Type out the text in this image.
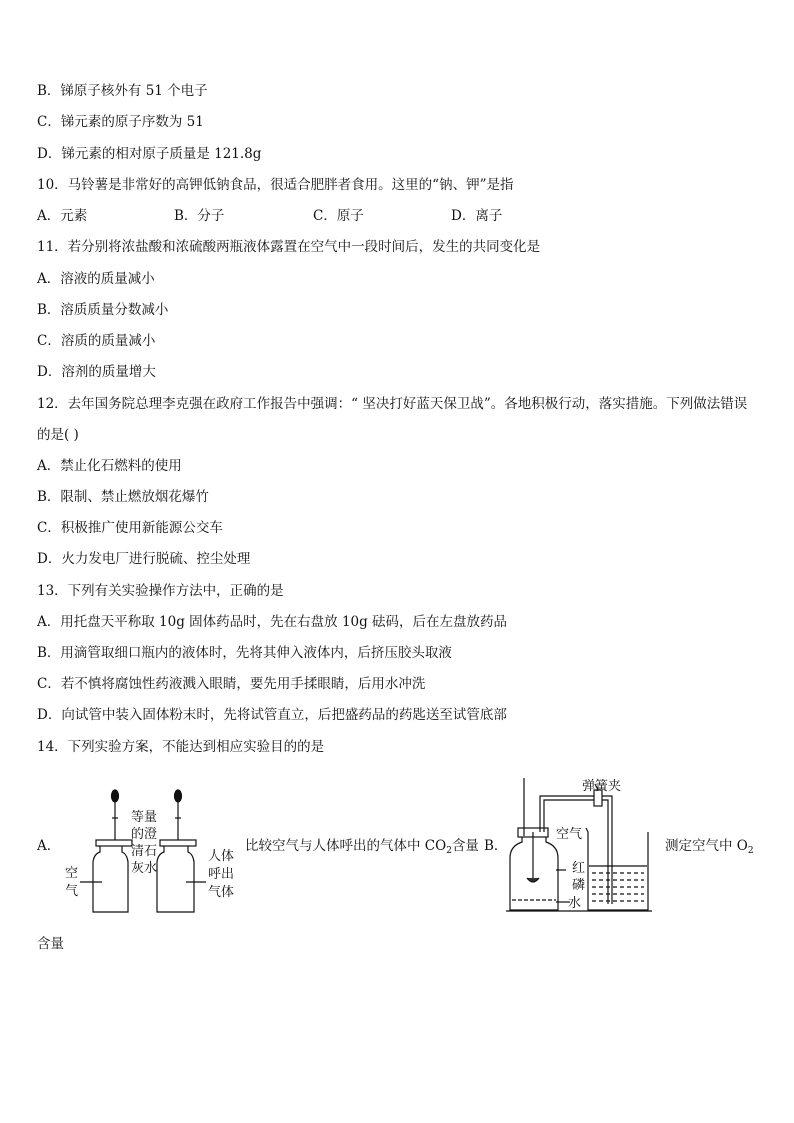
B．锑原子核外有 51 个电子
C．锑元素的原子序数为 51
D．锑元素的相对原子质量是 121.8g
10．马铃薯是非常好的高钾低钠食品，很适合肥胖者食用。这里的“钠、钾”是指
A．元素	B．分子	C．原子	D．离子
11．若分别将浓盐酸和浓硫酸两瓶液体露置在空气中一段时间后，发生的共同变化是
A．溶液的质量减小
B．溶质质量分数减小
C．溶质的质量减小
D．溶剂的质量增大
12．去年国务院总理李克强在政府工作报告中强调：“ 坚决打好蓝天保卫战”。各地积极行动，落实措施。下列做法错误
的是( )
A．禁止化石燃料的使用
B．限制、禁止燃放烟花爆竹
C．积极推广使用新能源公交车
D．火力发电厂进行脱硫、控尘处理
13．下列有关实验操作方法中，正确的是
A．用托盘天平称取 10g 固体药品时，先在右盘放 10g 砝码，后在左盘放药品
B．用滴管取细口瓶内的液体时，先将其伸入液体内，后挤压胶头取液
C．若不慎将腐蚀性药液溅入眼睛，要先用手揉眼睛，后用水冲洗
D．向试管中装入固体粉末时，先将试管直立，后把盛药品的药匙送至试管底部
14．下列实验方案，不能达到相应实验目的的是
A．
等量
的澄
清石
灰水
空
气
人体
呼出
气体
比较空气与人体呼出的气体中 $CO_2$含量 B．
弹簧夹
空气
红
磷
水
测定空气中 $O_2$
含量
